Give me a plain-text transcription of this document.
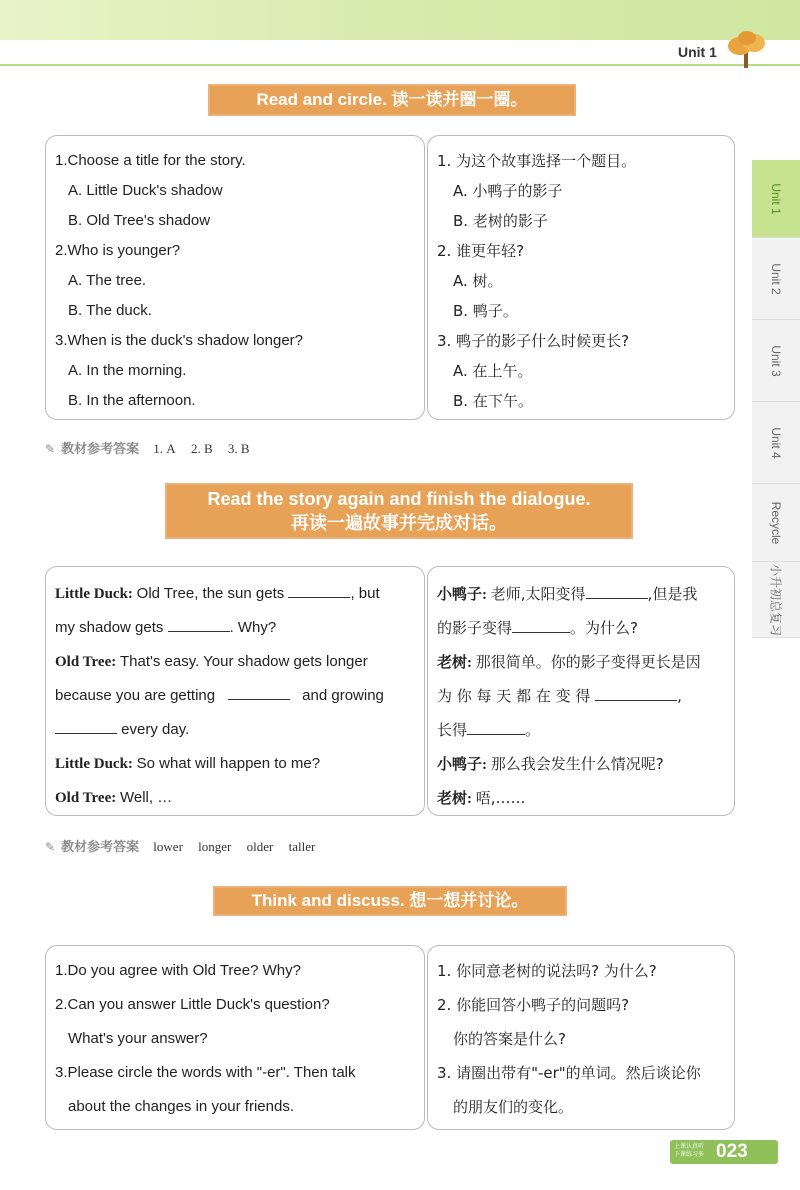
Unit 1
Read and circle. 读一读并圈一圈。
1.Choose a title for the story.
A. Little Duck's shadow
B. Old Tree's shadow
2.Who is younger?
A. The tree.
B. The duck.
3.When is the duck's shadow longer?
A. In the morning.
B. In the afternoon.
1. 为这个故事选择一个题目。
A. 小鸭子的影子
B. 老树的影子
2. 谁更年轻?
A. 树。
B. 鸭子。
3. 鸭子的影子什么时候更长?
A. 在上午。
B. 在下午。
✎ 教材参考答案 1. A 2. B 3. B
Read the story again and finish the dialogue.
再读一遍故事并完成对话。
Little Duck: Old Tree, the sun gets	, but
my shadow gets	. Why?
Old Tree: That's easy. Your shadow gets longer
because you are getting	and growing
every day.
Little Duck: So what will happen to me?
Old Tree: Well, …
小鸭子: 老师,太阳变得	,但是我
的影子变得	。为什么?
老树: 那很简单。你的影子变得更长是因
为 你 每 天 都 在 变 得	,
长得	。
小鸭子: 那么我会发生什么情况呢?
老树: 唔,……
✎ 教材参考答案 lower longer older taller
Think and discuss. 想一想并讨论。
1.Do you agree with Old Tree? Why?
2.Can you answer Little Duck's question?
What's your answer?
3.Please circle the words with "-er". Then talk
about the changes in your friends.
1. 你同意老树的说法吗? 为什么?
2. 你能回答小鸭子的问题吗?
你的答案是什么?
3. 请圈出带有"-er"的单词。然后谈论你
的朋友们的变化。
Unit 1
Unit 2
Unit 3
Unit 4
Recycle
小升初总复习
上课认真听
下课练习多 023
